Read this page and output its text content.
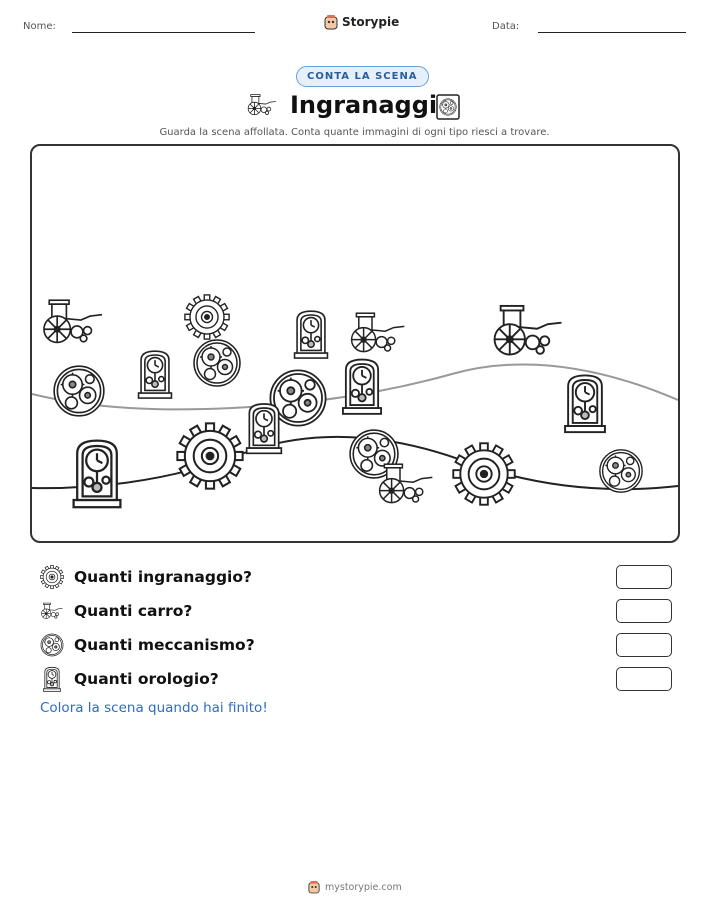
Nome:	Storypie	Data:
CONTA LA SCENA
Ingranaggi
Guarda la scena affollata. Conta quante immagini di ogni tipo riesci a trovare.
Quanti ingranaggio?
Quanti carro?
Quanti meccanismo?
Quanti orologio?
Colora la scena quando hai finito!
mystorypie.com
